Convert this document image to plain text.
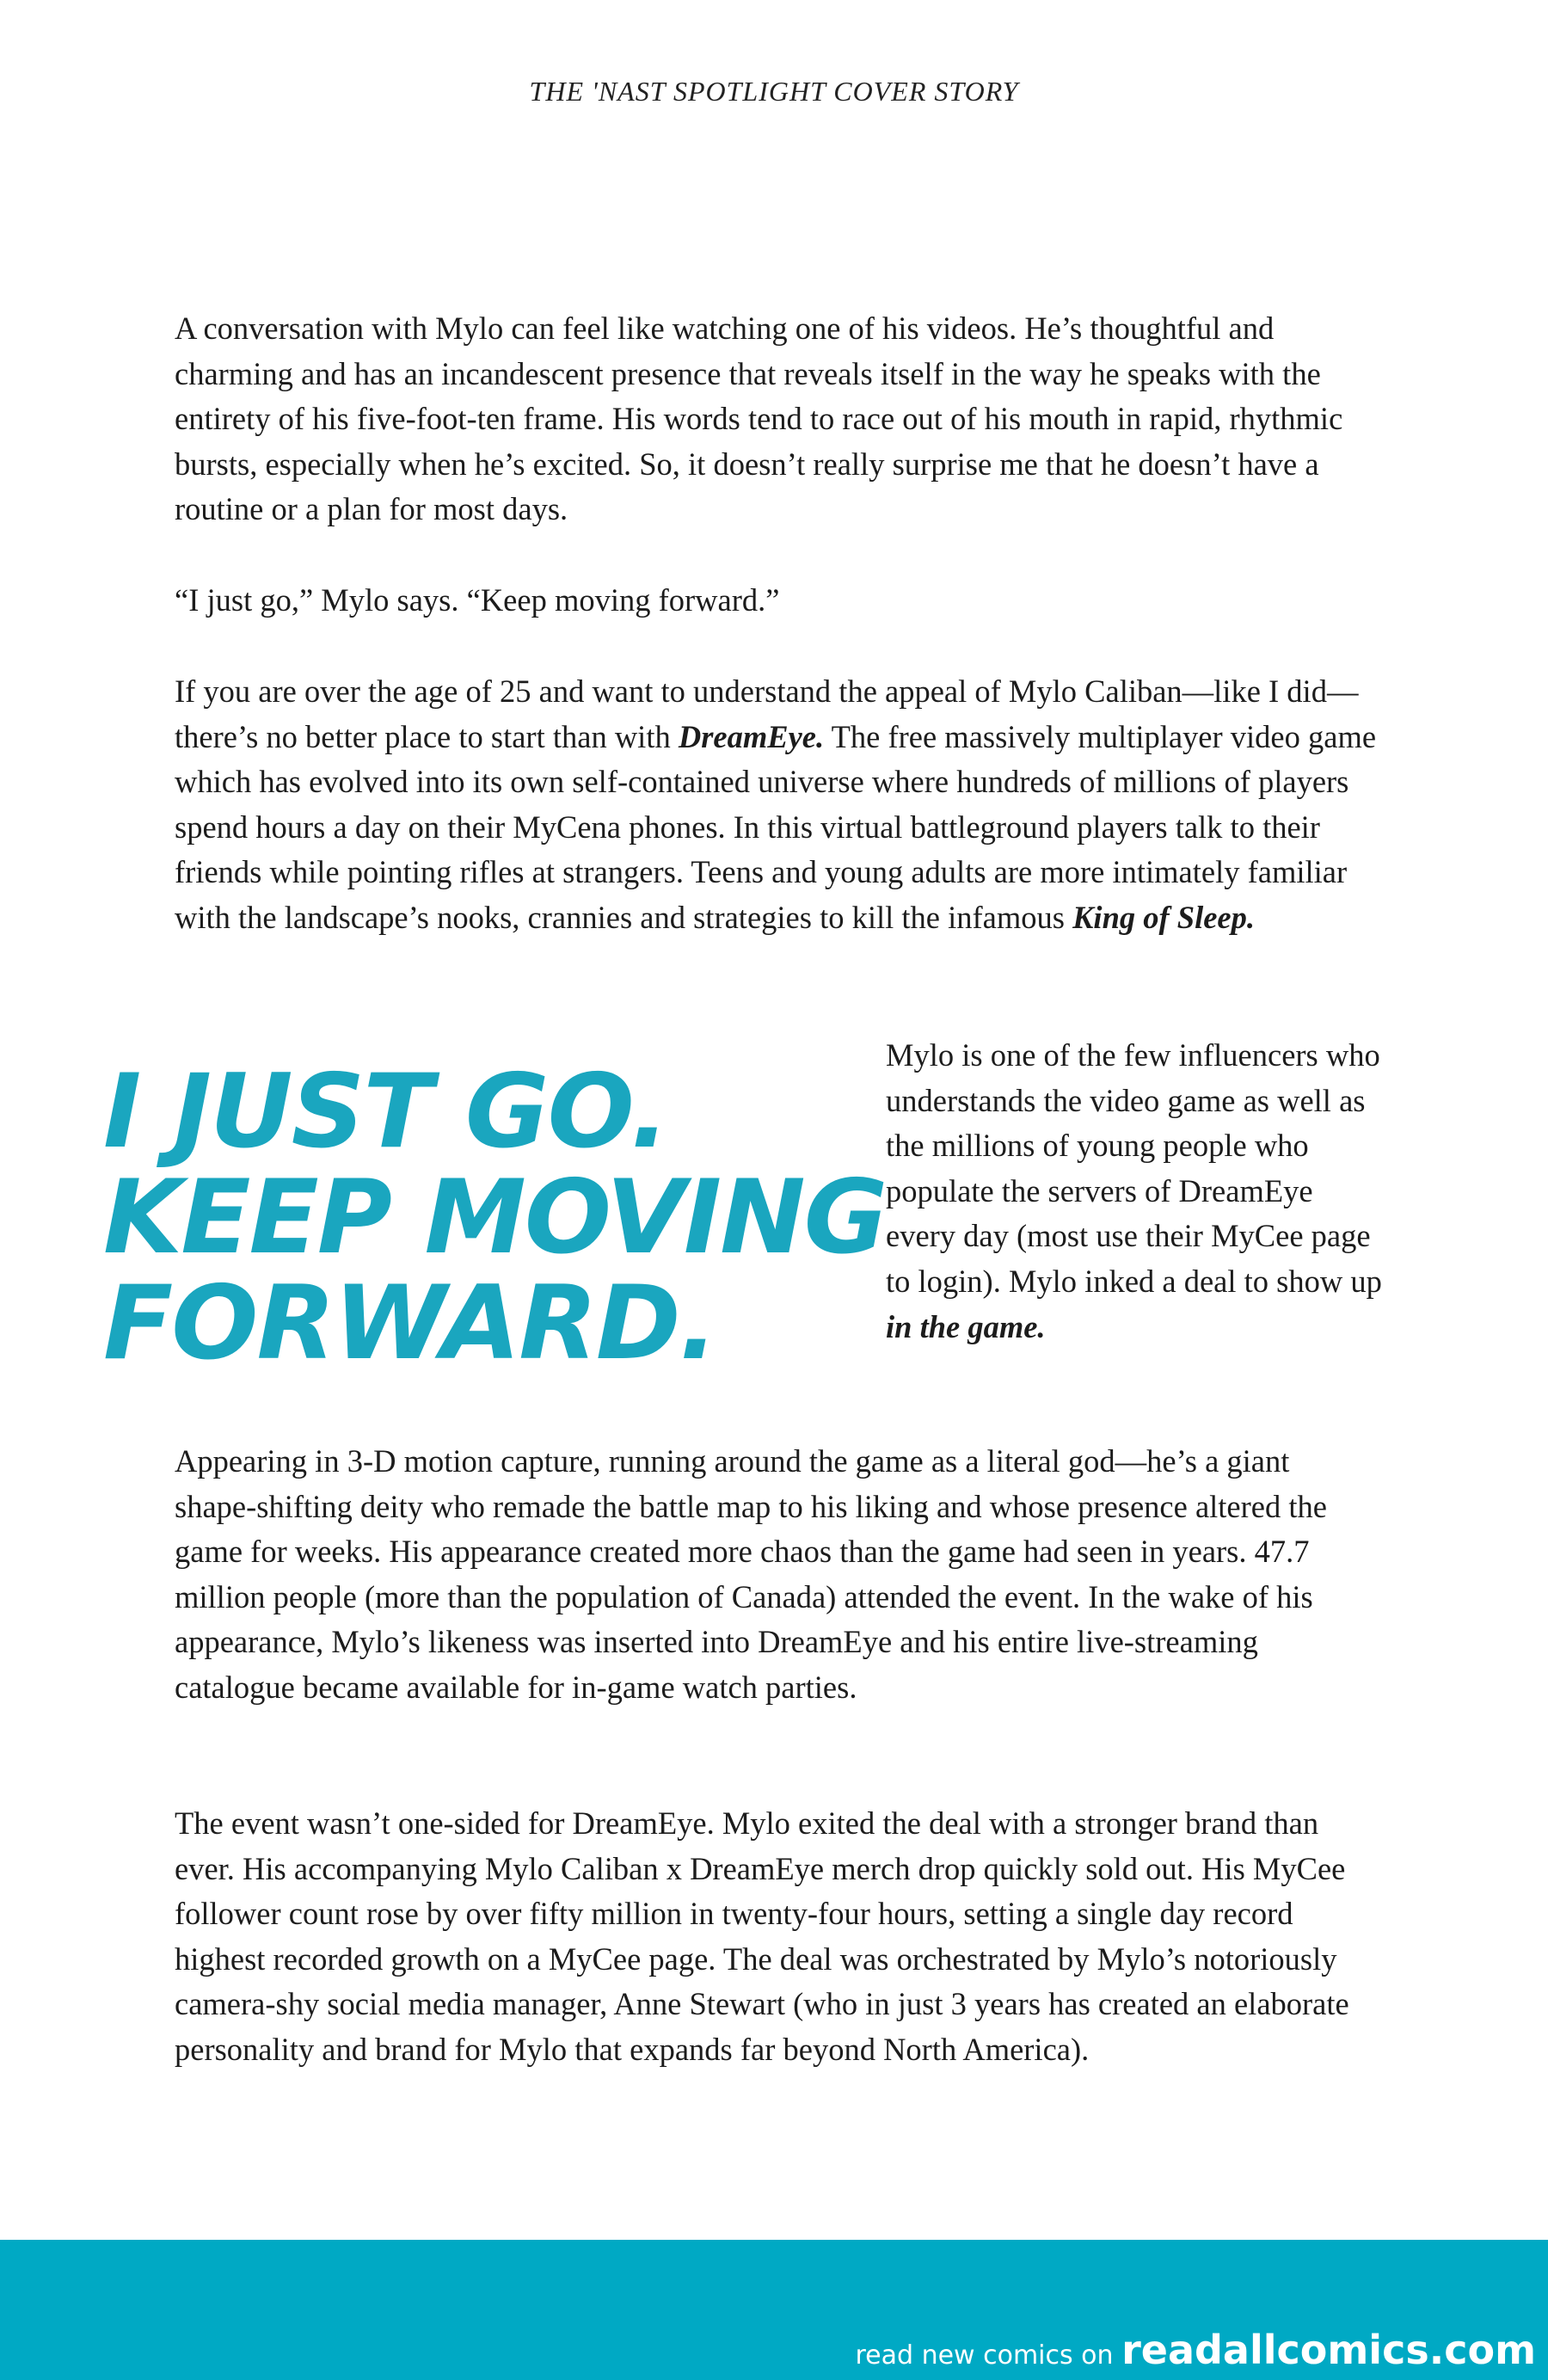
THE 'NAST SPOTLIGHT COVER STORY

A conversation with Mylo can feel like watching one of his videos. He’s thoughtful and charming and has an incandescent presence that reveals itself in the way he speaks with the entirety of his five-foot-ten frame. His words tend to race out of his mouth in rapid, rhythmic bursts, especially when he’s excited. So, it doesn’t really surprise me that he doesn’t have a routine or a plan for most days.

“I just go,” Mylo says. “Keep moving forward.”

If you are over the age of 25 and want to understand the appeal of Mylo Caliban—like I did—there’s no better place to start than with DreamEye. The free massively multiplayer video game which has evolved into its own self-contained universe where hundreds of millions of players spend hours a day on their MyCena phones. In this virtual battleground players talk to their friends while pointing rifles at strangers. Teens and young adults are more intimately familiar with the landscape’s nooks, crannies and strategies to kill the infamous King of Sleep.

I JUST GO.
KEEP MOVING
FORWARD.

Mylo is one of the few influencers who understands the video game as well as the millions of young people who populate the servers of DreamEye every day (most use their MyCee page to login). Mylo inked a deal to show up

in the game.

Appearing in 3-D motion capture, running around the game as a literal god—he’s a giant shape-shifting deity who remade the battle map to his liking and whose presence altered the game for weeks. His appearance created more chaos than the game had seen in years. 47.7 million people (more than the population of Canada) attended the event. In the wake of his appearance, Mylo’s likeness was inserted into DreamEye and his entire live-streaming catalogue became available for in-game watch parties.

The event wasn’t one-sided for DreamEye. Mylo exited the deal with a stronger brand than ever. His accompanying Mylo Caliban x DreamEye merch drop quickly sold out. His MyCee follower count rose by over fifty million in twenty-four hours, setting a single day record highest recorded growth on a MyCee page. The deal was orchestrated by Mylo’s notoriously camera-shy social media manager, Anne Stewart (who in just 3 years has created an elaborate personality and brand for Mylo that expands far beyond North America).

read new comics on readallcomics.com
